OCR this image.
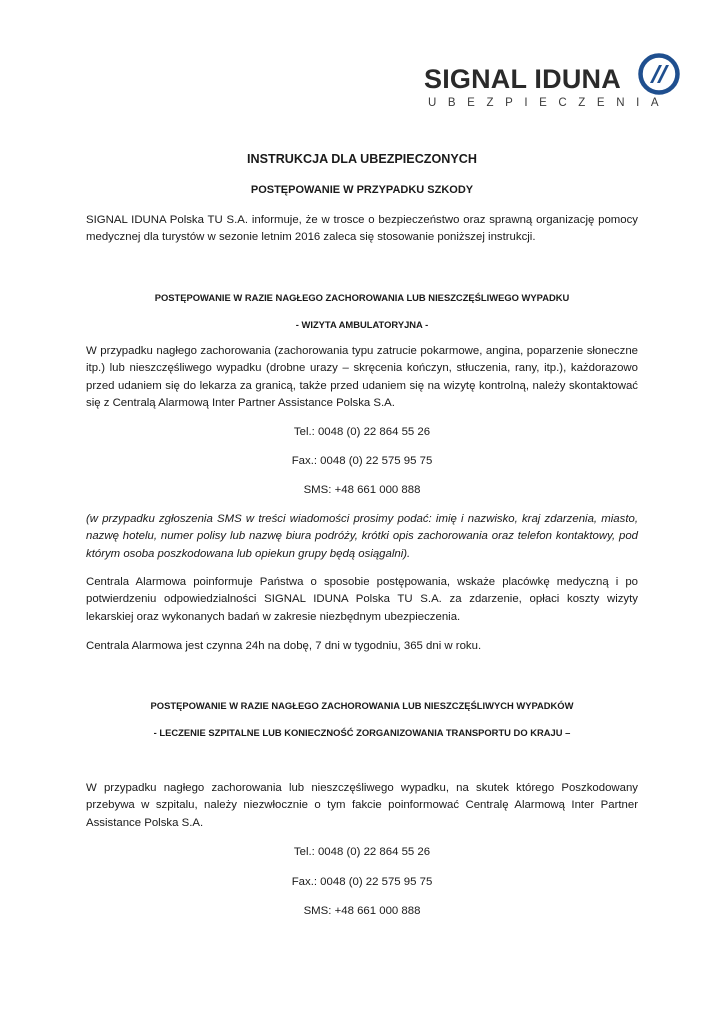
SIGNAL IDUNA
UBEZPIECZENIA

INSTRUKCJA DLA UBEZPIECZONYCH

POSTĘPOWANIE W PRZYPADKU SZKODY

SIGNAL IDUNA Polska TU S.A. informuje, że w trosce o bezpieczeństwo oraz sprawną organizację pomocy medycznej dla turystów w sezonie letnim 2016 zaleca się stosowanie poniższej instrukcji.

POSTĘPOWANIE W RAZIE NAGŁEGO ZACHOROWANIA LUB NIESZCZĘŚLIWEGO WYPADKU

- WIZYTA AMBULATORYJNA -

W przypadku nagłego zachorowania (zachorowania typu zatrucie pokarmowe, angina, poparzenie słoneczne itp.) lub nieszczęśliwego wypadku (drobne urazy – skręcenia kończyn, stłuczenia, rany, itp.), każdorazowo przed udaniem się do lekarza za granicą, także przed udaniem się na wizytę kontrolną, należy skontaktować się z Centralą Alarmową Inter Partner Assistance Polska S.A.

Tel.: 0048 (0) 22 864 55 26

Fax.: 0048 (0) 22 575 95 75

SMS: +48 661 000 888

(w przypadku zgłoszenia SMS w treści wiadomości prosimy podać: imię i nazwisko, kraj zdarzenia, miasto, nazwę hotelu, numer polisy lub nazwę biura podróży, krótki opis zachorowania oraz telefon kontaktowy, pod którym osoba poszkodowana lub opiekun grupy będą osiągalni).

Centrala Alarmowa poinformuje Państwa o sposobie postępowania, wskaże placówkę medyczną i po potwierdzeniu odpowiedzialności SIGNAL IDUNA Polska TU S.A. za zdarzenie, opłaci koszty wizyty lekarskiej oraz wykonanych badań w zakresie niezbędnym ubezpieczenia.

Centrala Alarmowa jest czynna 24h na dobę, 7 dni w tygodniu, 365 dni w roku.

POSTĘPOWANIE W RAZIE NAGŁEGO ZACHOROWANIA LUB NIESZCZĘŚLIWYCH WYPADKÓW

- LECZENIE SZPITALNE LUB KONIECZNOŚĆ ZORGANIZOWANIA TRANSPORTU DO KRAJU –

W przypadku nagłego zachorowania lub nieszczęśliwego wypadku, na skutek którego Poszkodowany przebywa w szpitalu, należy niezwłocznie o tym fakcie poinformować Centralę Alarmową Inter Partner Assistance Polska S.A.

Tel.: 0048 (0) 22 864 55 26

Fax.: 0048 (0) 22 575 95 75

SMS: +48 661 000 888
